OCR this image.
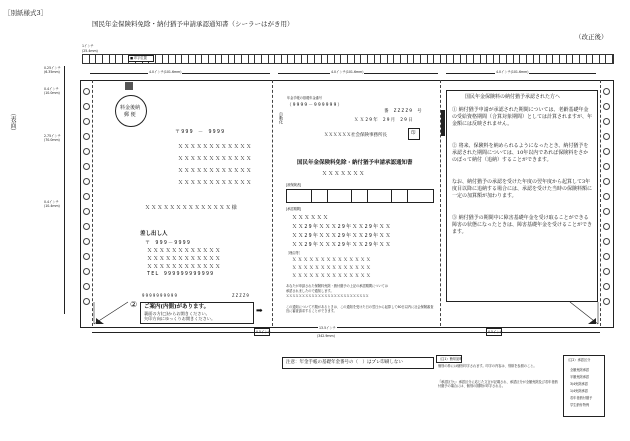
［別紙様式3］
国民年金保険料免除・納付猶予申請承認通知書（シーラーはがき用）
（改正後）
（表面）
1インチ
(25.4mm)
■ 印字位置
4.0インチ(101.6mm)	4.0インチ(101.6mm)	4.0インチ(101.6mm)
0.25インチ
(6.35mm)
0.4インチ
(10.0mm)
2.75インチ
(70.0mm)
0.4インチ
(10.4mm)
料金後納
郵 便
〒999 － 9999
ＸＸＸＸＸＸＸＸＸＸＸＸ
ＸＸＸＸＸＸＸＸＸＸＸＸ
ＸＸＸＸＸＸＸＸＸＸＸＸ
ＸＸＸＸＸＸＸＸＸＸＸＸ
ＸＸＸＸＸＸＸＸＸＸＸＸＸＸ様
差し出し人
〒 999－9999
ＸＸＸＸＸＸＸＸＸＸＸＸ
ＸＸＸＸＸＸＸＸＸＸＸＸ
ＸＸＸＸＸＸＸＸＸＸＸＸ
TEL 999999999999
9999999999	ZZZZ9
② ご案内(内側)があります。
裏面の方(□)からお開きください。
矢印方向にゆっくりお開きください。
➡
年金手帳の基礎年金番号
（9999－999999）
自動化
番 ZZZZ9 号
ＸＸ29年 29月 29日
ＸＸＸＸＸＸ社会保険事務所長	印
国民年金保険料免除・納付猶予申請承認通知書
ＸＸＸＸＸＸＸ
[被保険者]
[承認期間]
ＸＸＸＸＸＸ
ＸＸ29年ＸＸＸ29年ＸＸ29年ＸＸ
ＸＸ29年ＸＸＸ29年ＸＸ29年ＸＸ
ＸＸ29年ＸＸＸ29年ＸＸ29年ＸＸ
［理由等］
ＸＸＸＸＸＸＸＸＸＸＸＸＸＸ
ＸＸＸＸＸＸＸＸＸＸＸＸＸＸ
ＸＸＸＸＸＸＸＸＸＸＸＸＸＸ
あなたが申請された保険料免除・納付猶予の上記の承認期間については
承認されましたので通知します。
ＸＸＸＸＸＸＸＸＸＸＸＸＸＸＸＸＸＸＸＸＸＸＸＸＸＸ
この通知について不服があるときは、この通知を受けた日の翌日から起算して60日以内に社会保険審査官に審査請求することができます。
国民年金保険料の納付猶予承認された方へ
① 納付猶予申請が承認された期間については、老齢基礎年金の受給資格期間（合算対象期間）としては計算されますが、年金額には反映されません。
② 将来、保険料を納められるようになったとき、納付猶予を承認された期間については、10年以内であれば保険料をさかのぼって納付（追納）することができます。
なお、納付猶予の承認を受けた年度の翌年度から起算して3年度目以降に追納する場合には、承認を受けた当時の保険料額に一定の加算額が加わります。
③ 納付猶予の期間中に障害基礎年金を受け取ることができる障害の状態になったときは、障害基礎年金を受けることができます。
13.5インチ
(342.9mm)
0.5インチ	0.5インチ
注意：年金手帳の基礎年金番号の（　）はプレ印刷しない
（注1）簡易説明
個別の枠には個別印字されます。印字の内容は、別紙を参照のこと。
『承認区分』：承認区分に応じた文言が記載され、承認区分が全額免除及び若年者納付猶予の場合には、個別の期間が印字される。
（注2）承認区分
全額免除承認
半額免除承認
3/4免除承認
1/4免除承認
若年者納付猶予
学生納付特例
